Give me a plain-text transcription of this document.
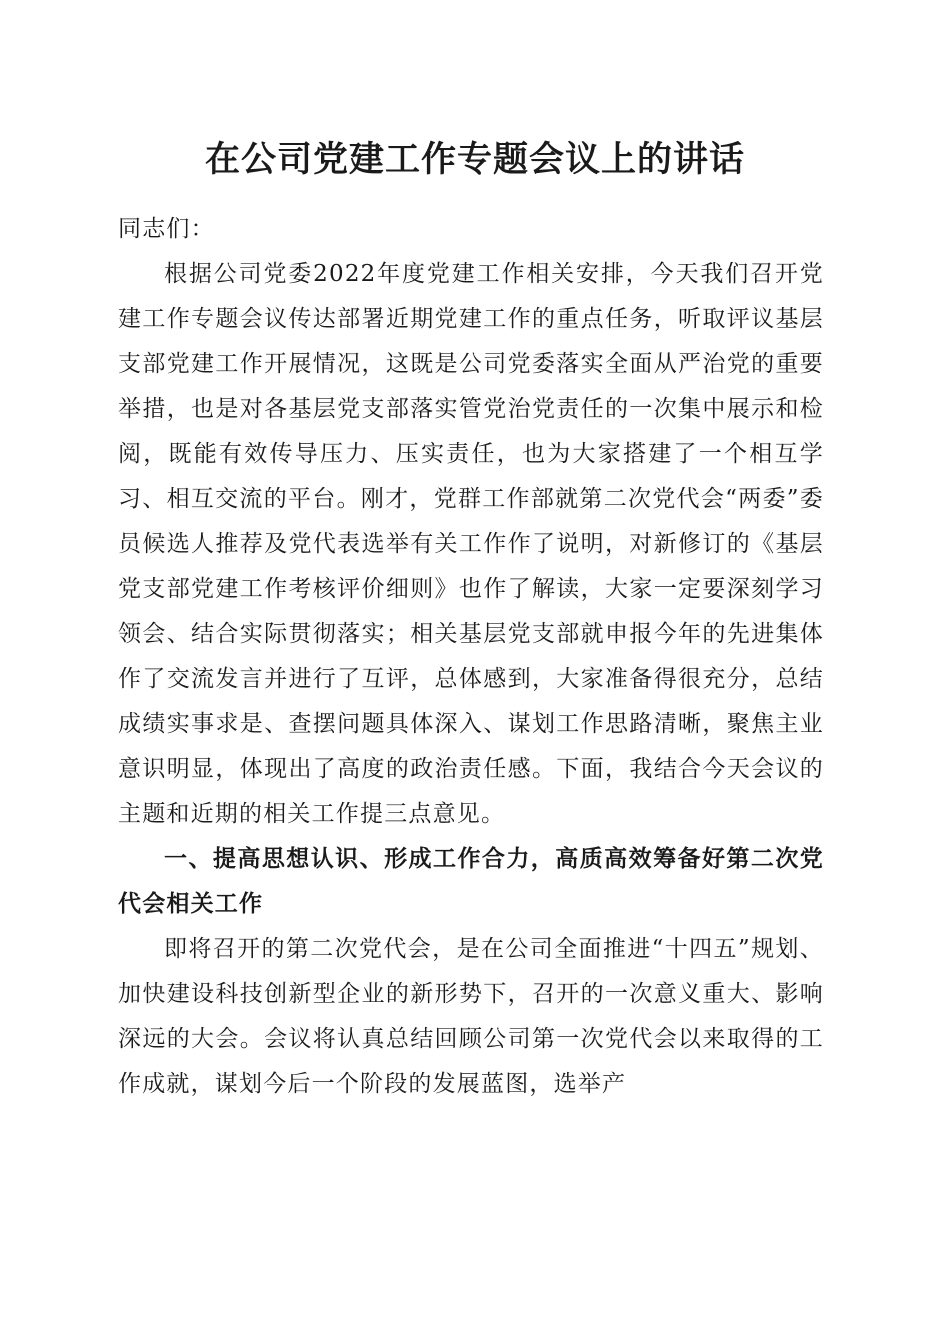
在公司党建工作专题会议上的讲话

同志们：

根据公司党委2022年度党建工作相关安排，今天我们召开党建工作专题会议传达部署近期党建工作的重点任务，听取评议基层支部党建工作开展情况，这既是公司党委落实全面从严治党的重要举措，也是对各基层党支部落实管党治党责任的一次集中展示和检阅，既能有效传导压力、压实责任，也为大家搭建了一个相互学习、相互交流的平台。刚才，党群工作部就第二次党代会“两委”委员候选人推荐及党代表选举有关工作作了说明，对新修订的《基层党支部党建工作考核评价细则》也作了解读，大家一定要深刻学习领会、结合实际贯彻落实；相关基层党支部就申报今年的先进集体作了交流发言并进行了互评，总体感到，大家准备得很充分，总结成绩实事求是、查摆问题具体深入、谋划工作思路清晰，聚焦主业意识明显，体现出了高度的政治责任感。下面，我结合今天会议的主题和近期的相关工作提三点意见。

一、提高思想认识、形成工作合力，高质高效筹备好第二次党代会相关工作

即将召开的第二次党代会，是在公司全面推进“十四五”规划、加快建设科技创新型企业的新形势下，召开的一次意义重大、影响深远的大会。会议将认真总结回顾公司第一次党代会以来取得的工作成就，谋划今后一个阶段的发展蓝图，选举产
